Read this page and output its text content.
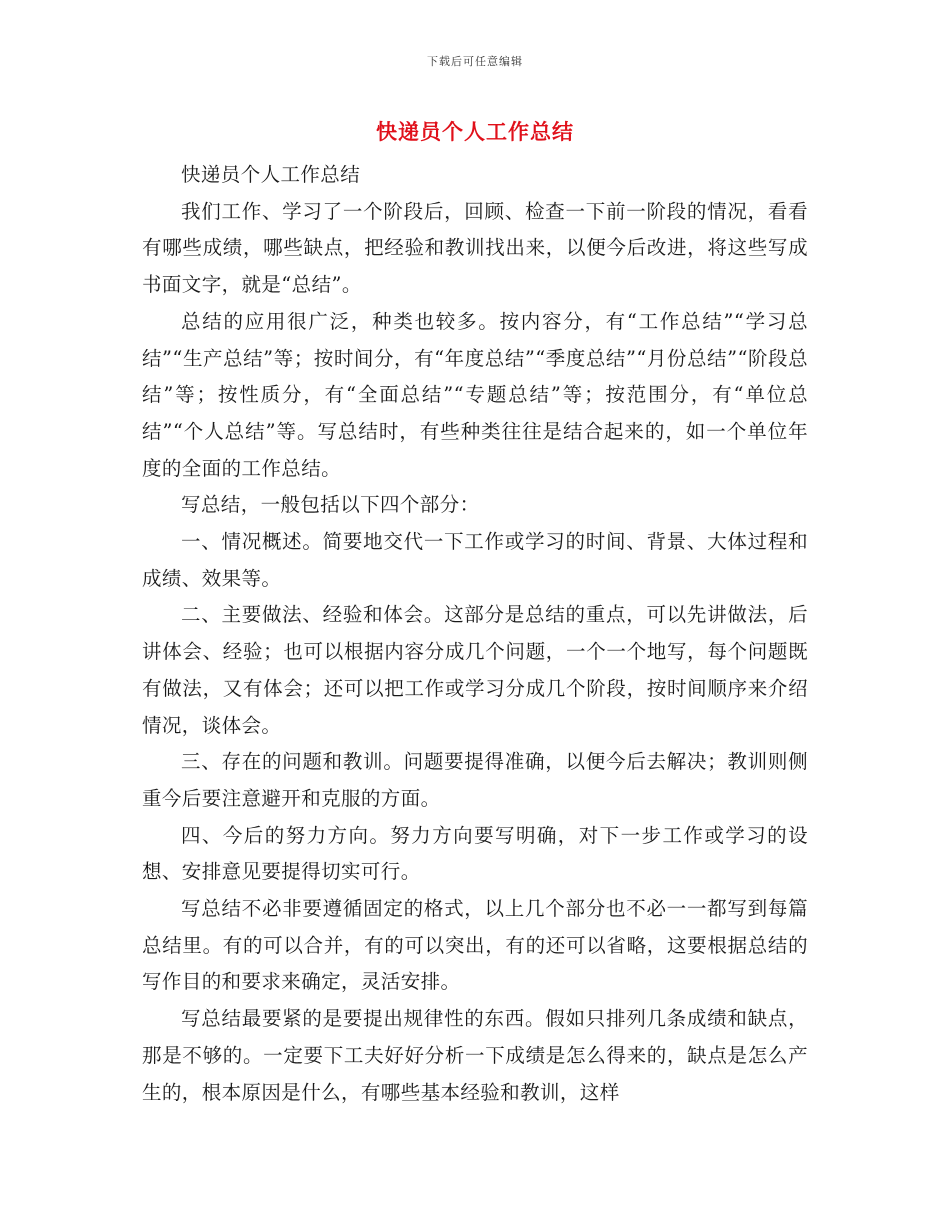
下载后可任意编辑
快递员个人工作总结

快递员个人工作总结

我们工作、学习了一个阶段后，回顾、检查一下前一阶段的情况，看看有哪些成绩，哪些缺点，把经验和教训找出来，以便今后改进，将这些写成书面文字，就是“总结”。

总结的应用很广泛，种类也较多。按内容分，有“工作总结”“学习总结”“生产总结”等；按时间分，有“年度总结”“季度总结”“月份总结”“阶段总结”等；按性质分，有“全面总结”“专题总结”等；按范围分，有“单位总结”“个人总结”等。写总结时，有些种类往往是结合起来的，如一个单位年度的全面的工作总结。

写总结，一般包括以下四个部分：

一、情况概述。简要地交代一下工作或学习的时间、背景、大体过程和成绩、效果等。

二、主要做法、经验和体会。这部分是总结的重点，可以先讲做法，后讲体会、经验；也可以根据内容分成几个问题，一个一个地写，每个问题既有做法，又有体会；还可以把工作或学习分成几个阶段，按时间顺序来介绍情况，谈体会。

三、存在的问题和教训。问题要提得准确，以便今后去解决；教训则侧重今后要注意避开和克服的方面。

四、今后的努力方向。努力方向要写明确，对下一步工作或学习的设想、安排意见要提得切实可行。

写总结不必非要遵循固定的格式，以上几个部分也不必一一都写到每篇总结里。有的可以合并，有的可以突出，有的还可以省略，这要根据总结的写作目的和要求来确定，灵活安排。

写总结最要紧的是要提出规律性的东西。假如只排列几条成绩和缺点，那是不够的。一定要下工夫好好分析一下成绩是怎么得来的，缺点是怎么产生的，根本原因是什么，有哪些基本经验和教训，这样
